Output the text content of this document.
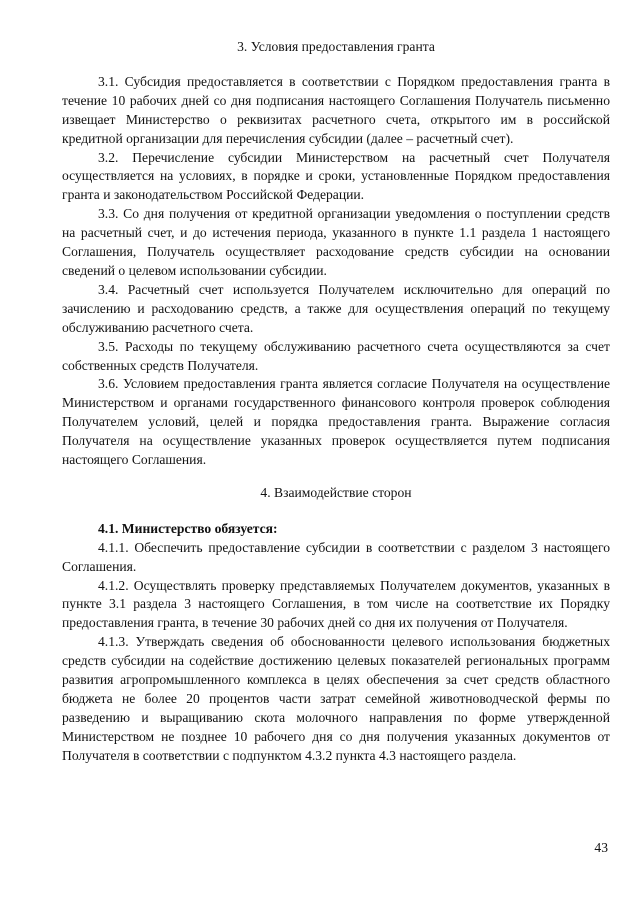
3. Условия предоставления гранта

3.1. Субсидия предоставляется в соответствии с Порядком предоставления гранта в течение 10 рабочих дней со дня подписания настоящего Соглашения Получатель письменно извещает Министерство о реквизитах расчетного счета, открытого им в российской кредитной организации для перечисления субсидии (далее – расчетный счет).

3.2. Перечисление субсидии Министерством на расчетный счет Получателя осуществляется на условиях, в порядке и сроки, установленные Порядком предоставления гранта и законодательством Российской Федерации.

3.3. Со дня получения от кредитной организации уведомления о поступлении средств на расчетный счет, и до истечения периода, указанного в пункте 1.1 раздела 1 настоящего Соглашения, Получатель осуществляет расходование средств субсидии на основании сведений о целевом использовании субсидии.

3.4. Расчетный счет используется Получателем исключительно для операций по зачислению и расходованию средств, а также для осуществления операций по текущему обслуживанию расчетного счета.

3.5. Расходы по текущему обслуживанию расчетного счета осуществляются за счет собственных средств Получателя.

3.6. Условием предоставления гранта является согласие Получателя на осуществление Министерством и органами государственного финансового контроля проверок соблюдения Получателем условий, целей и порядка предоставления гранта. Выражение согласия Получателя на осуществление указанных проверок осуществляется путем подписания настоящего Соглашения.

4. Взаимодействие сторон

4.1. Министерство обязуется:

4.1.1. Обеспечить предоставление субсидии в соответствии с разделом 3 настоящего Соглашения.

4.1.2. Осуществлять проверку представляемых Получателем документов, указанных в пункте 3.1 раздела 3 настоящего Соглашения, в том числе на соответствие их Порядку предоставления гранта, в течение 30 рабочих дней со дня их получения от Получателя.

4.1.3. Утверждать сведения об обоснованности целевого использования бюджетных средств субсидии на содействие достижению целевых показателей региональных программ развития агропромышленного комплекса в целях обеспечения за счет средств областного бюджета не более 20 процентов части затрат семейной животноводческой фермы по разведению и выращиванию скота молочного направления по форме утвержденной Министерством не позднее 10 рабочего дня со дня получения указанных документов от Получателя в соответствии с подпунктом 4.3.2 пункта 4.3 настоящего раздела.

43
